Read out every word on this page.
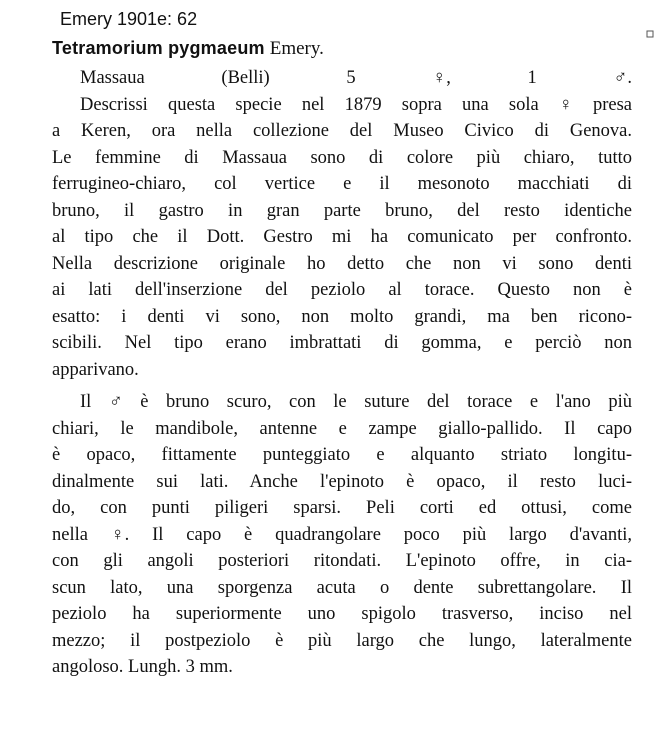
Emery 1901e: 62
Tetramorium pygmaeum Emery.
Massaua (Belli) 5 ♀, 1 ♂.
Descrissi questa specie nel 1879 sopra una sola ♀ presa
a Keren, ora nella collezione del Museo Civico di Genova.
Le femmine di Massaua sono di colore più chiaro, tutto
ferrugineo-chiaro, col vertice e il mesonoto macchiati di
bruno, il gastro in gran parte bruno, del resto identiche
al tipo che il Dott. Gestro mi ha comunicato per confronto.
Nella descrizione originale ho detto che non vi sono denti
ai lati dell'inserzione del peziolo al torace. Questo non è
esatto: i denti vi sono, non molto grandi, ma ben ricono-
scibili. Nel tipo erano imbrattati di gomma, e perciò non
apparivano.
Il ♂ è bruno scuro, con le suture del torace e l'ano più
chiari, le mandibole, antenne e zampe giallo-pallido. Il capo
è opaco, fittamente punteggiato e alquanto striato longitu-
dinalmente sui lati. Anche l'epinoto è opaco, il resto luci-
do, con punti piligeri sparsi. Peli corti ed ottusi, come
nella ♀. Il capo è quadrangolare poco più largo d'avanti,
con gli angoli posteriori ritondati. L'epinoto offre, in cia-
scun lato, una sporgenza acuta o dente subrettangolare. Il
peziolo ha superiormente uno spigolo trasverso, inciso nel
mezzo; il postpeziolo è più largo che lungo, lateralmente
angoloso. Lungh. 3 mm.
